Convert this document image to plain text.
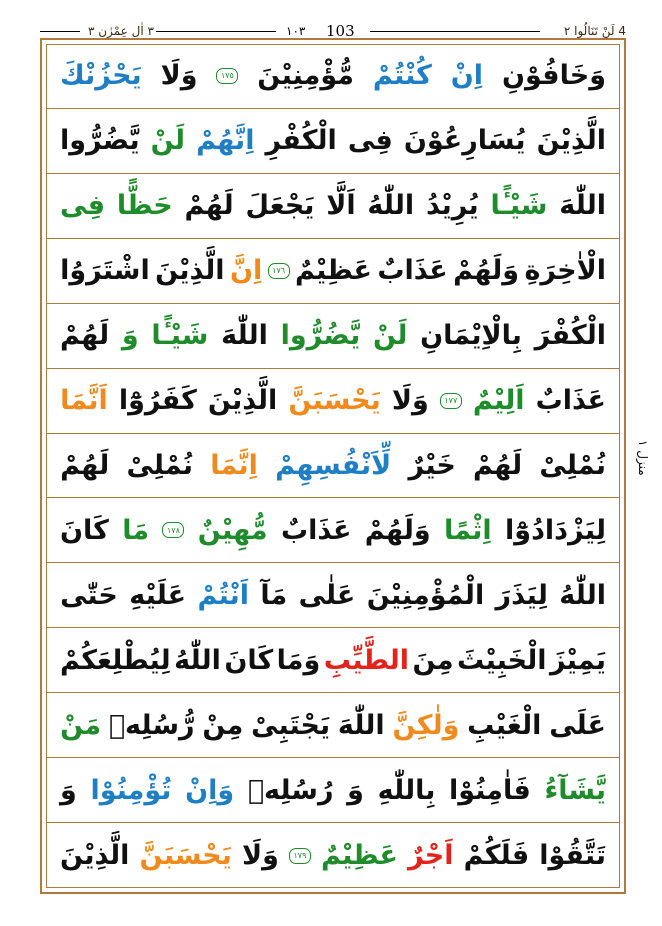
٣ اٰلِ عِمْرٰن ٣	١٠٣ 103	4 لَنْ تَنَالُوا ٢
وَخَافُوْنِ
اِنْ
كُنْتُمْ
مُّؤْمِنِيْنَ
١٧٥
وَلَا
يَحْزُنْكَ
الَّذِيْنَ
يُسَارِعُوْنَ
فِى
الْكُفْرِ
اِنَّهُمْ
لَنْ
يَّضُرُّوا
اللّٰهَ
شَيْـًٔا
يُرِيْدُ
اللّٰهُ
اَلَّا
يَجْعَلَ
لَهُمْ
حَظًّا
فِى
الْاٰخِرَةِ
وَلَهُمْ
عَذَابٌ
عَظِيْمٌ
١٧٦
اِنَّ
الَّذِيْنَ
اشْتَرَوُا
الْكُفْرَ
بِالْاِيْمَانِ
لَنْ
يَّضُرُّوا
اللّٰهَ
شَيْـًٔا
وَ
لَهُمْ
عَذَابٌ
اَلِيْمٌ
١٧٧
وَلَا
يَحْسَبَنَّ
الَّذِيْنَ
كَفَرُوْٓا
اَنَّمَا
نُمْلِىْ
لَهُمْ
خَيْرٌ
لِّاَنْفُسِهِمْ
اِنَّمَا
نُمْلِىْ
لَهُمْ
لِيَزْدَادُوْٓا
اِثْمًا
وَلَهُمْ
عَذَابٌ
مُّهِيْنٌ
١٧٨
مَا
كَانَ
اللّٰهُ
لِيَذَرَ
الْمُؤْمِنِيْنَ
عَلٰى
مَآ
اَنْتُمْ
عَلَيْهِ
حَتّٰى
يَمِيْزَ
الْخَبِيْثَ
مِنَ
الطَّيِّبِ
وَمَا
كَانَ
اللّٰهُ
لِيُطْلِعَكُمْ
عَلَى
الْغَيْبِ
وَلٰكِنَّ
اللّٰهَ
يَجْتَبِىْ
مِنْ
رُّسُلِهٖ
مَنْ
يَّشَآءُ
فَاٰمِنُوْا
بِاللّٰهِ
وَ
رُسُلِهٖ
وَاِنْ
تُؤْمِنُوْا
وَ
تَتَّقُوْا
فَلَكُمْ
اَجْرٌ
عَظِيْمٌ
١٧٩
وَلَا
يَحْسَبَنَّ
الَّذِيْنَ
منزل ١
